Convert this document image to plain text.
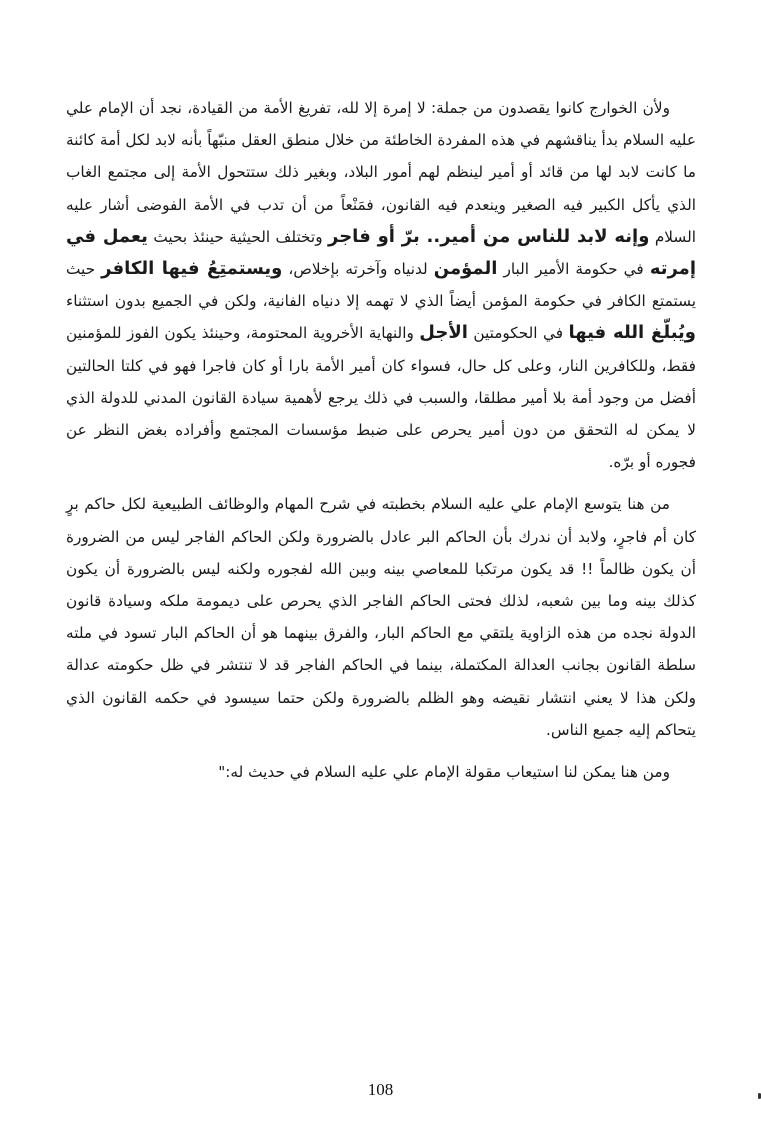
ولأن الخوارج كانوا يقصدون من جملة: لا إمرة إلا لله، تفريغ الأمة من القيادة، نجد أن الإمام علي عليه السلام بدأ يناقشهم في هذه المفردة الخاطئة من خلال منطق العقل منبّهاً بأنه لابد لكل أمة كائنة ما كانت لابد لها من قائد أو أمير لينظم لهم أمور البلاد، وبغير ذلك ستتحول الأمة إلى مجتمع الغاب الذي يأكل الكبير فيه الصغير وينعدم فيه القانون، فمَنْعاً من أن تدب في الأمة الفوضى أشار عليه السلام وإنه لابد للناس من أمير.. برّ أو فاجر وتختلف الحيثية حينئذ بحيث يعمل في إمرته في حكومة الأمير البار المؤمن لدنياه وآخرته بإخلاص، ويستمتِعُ فيها الكافر حيث يستمتع الكافر في حكومة المؤمن أيضاً الذي لا تهمه إلا دنياه الفانية، ولكن في الجميع بدون استثناء ويُبلّغ الله فيها في الحكومتين الأجل والنهاية الأخروية المحتومة، وحينئذ يكون الفوز للمؤمنين فقط، وللكافرين النار، وعلى كل حال، فسواء كان أمير الأمة بارا أو كان فاجرا فهو في كلتا الحالتين أفضل من وجود أمة بلا أمير مطلقا، والسبب في ذلك يرجع لأهمية سيادة القانون المدني للدولة الذي لا يمكن له التحقق من دون أمير يحرص على ضبط مؤسسات المجتمع وأفراده بغض النظر عن فجوره أو برّه.

من هنا يتوسع الإمام علي عليه السلام بخطبته في شرح المهام والوظائف الطبيعية لكل حاكم برٍ كان أم فاجرٍ، ولابد أن ندرك بأن الحاكم البر عادل بالضرورة ولكن الحاكم الفاجر ليس من الضرورة أن يكون ظالماً !! قد يكون مرتكبا للمعاصي بينه وبين الله لفجوره ولكنه ليس بالضرورة أن يكون كذلك بينه وما بين شعبه، لذلك فحتى الحاكم الفاجر الذي يحرص على ديمومة ملكه وسيادة قانون الدولة نجده من هذه الزاوية يلتقي مع الحاكم البار، والفرق بينهما هو أن الحاكم البار تسود في ملته سلطة القانون بجانب العدالة المكتملة، بينما في الحاكم الفاجر قد لا تنتشر في ظل حكومته عدالة ولكن هذا لا يعني انتشار نقيضه وهو الظلم بالضرورة ولكن حتما سيسود في حكمه القانون الذي يتحاكم إليه جميع الناس.

ومن هنا يمكن لنا استيعاب مقولة الإمام علي عليه السلام في حديث له:"

108
